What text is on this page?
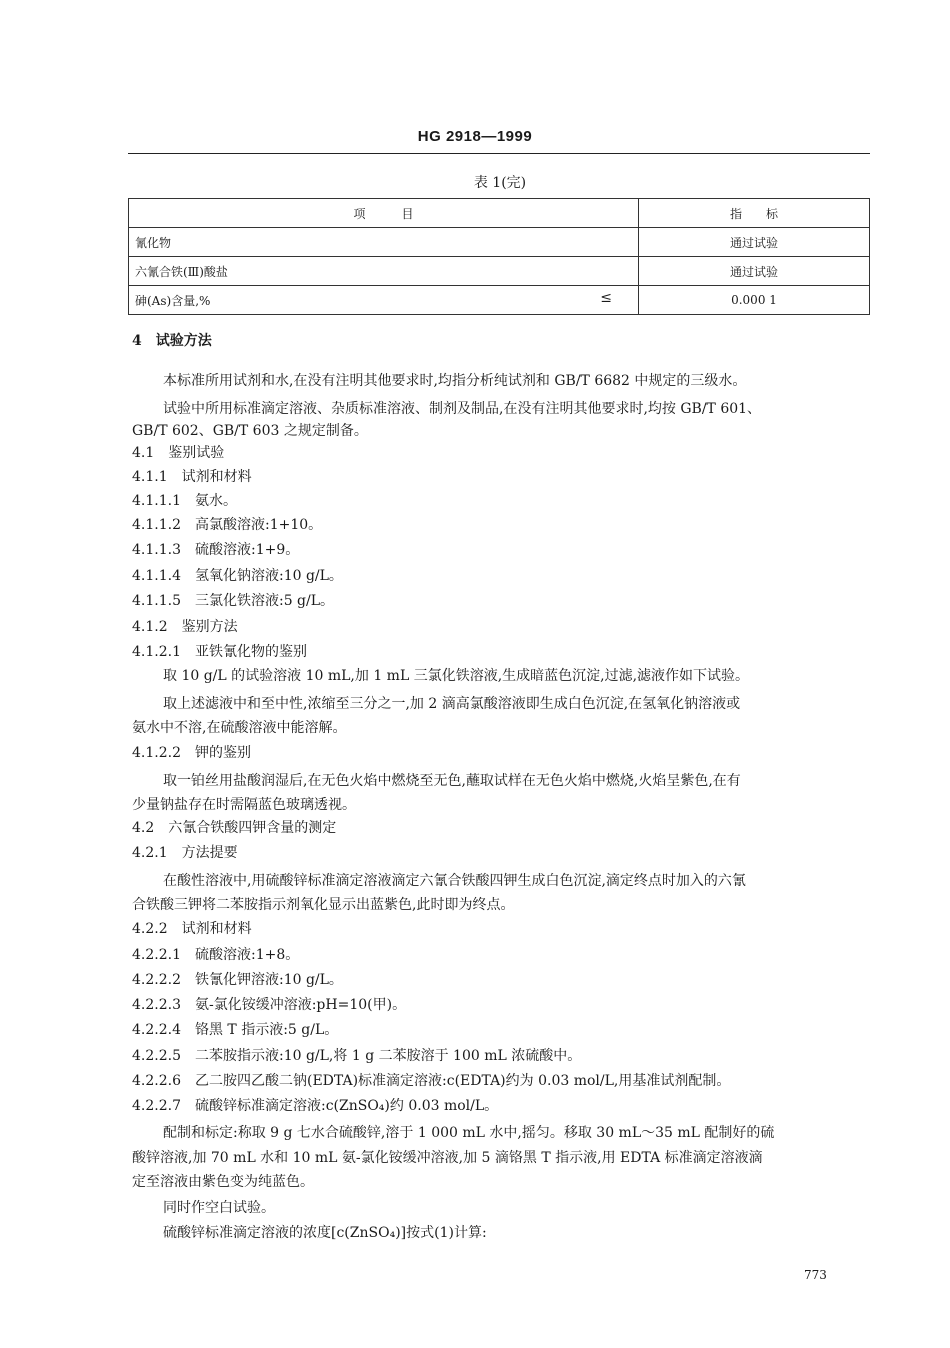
HG 2918—1999
表 1(完)
项　　　目	指　　标
氰化物	通过试验
六氰合铁(Ⅲ)酸盐	通过试验
砷(As)含量,% ≤	0.000 1
4　试验方法
本标准所用试剂和水,在没有注明其他要求时,均指分析纯试剂和 GB/T 6682 中规定的三级水。
试验中所用标准滴定溶液、杂质标准溶液、制剂及制品,在没有注明其他要求时,均按 GB/T 601、
GB/T 602、GB/T 603 之规定制备。
4.1　鉴别试验
4.1.1　试剂和材料
4.1.1.1　氨水。
4.1.1.2　高氯酸溶液:1+10。
4.1.1.3　硫酸溶液:1+9。
4.1.1.4　氢氧化钠溶液:10 g/L。
4.1.1.5　三氯化铁溶液:5 g/L。
4.1.2　鉴别方法
4.1.2.1　亚铁氰化物的鉴别
取 10 g/L 的试验溶液 10 mL,加 1 mL 三氯化铁溶液,生成暗蓝色沉淀,过滤,滤液作如下试验。
取上述滤液中和至中性,浓缩至三分之一,加 2 滴高氯酸溶液即生成白色沉淀,在氢氧化钠溶液或
氨水中不溶,在硫酸溶液中能溶解。
4.1.2.2　钾的鉴别
取一铂丝用盐酸润湿后,在无色火焰中燃烧至无色,蘸取试样在无色火焰中燃烧,火焰呈紫色,在有
少量钠盐存在时需隔蓝色玻璃透视。
4.2　六氰合铁酸四钾含量的测定
4.2.1　方法提要
在酸性溶液中,用硫酸锌标准滴定溶液滴定六氰合铁酸四钾生成白色沉淀,滴定终点时加入的六氰
合铁酸三钾将二苯胺指示剂氧化显示出蓝紫色,此时即为终点。
4.2.2　试剂和材料
4.2.2.1　硫酸溶液:1+8。
4.2.2.2　铁氰化钾溶液:10 g/L。
4.2.2.3　氨-氯化铵缓冲溶液:pH=10(甲)。
4.2.2.4　铬黑 T 指示液:5 g/L。
4.2.2.5　二苯胺指示液:10 g/L,将 1 g 二苯胺溶于 100 mL 浓硫酸中。
4.2.2.6　乙二胺四乙酸二钠(EDTA)标准滴定溶液:c(EDTA)约为 0.03 mol/L,用基准试剂配制。
4.2.2.7　硫酸锌标准滴定溶液:c(ZnSO₄)约 0.03 mol/L。
配制和标定:称取 9 g 七水合硫酸锌,溶于 1 000 mL 水中,摇匀。移取 30 mL～35 mL 配制好的硫
酸锌溶液,加 70 mL 水和 10 mL 氨-氯化铵缓冲溶液,加 5 滴铬黑 T 指示液,用 EDTA 标准滴定溶液滴
定至溶液由紫色变为纯蓝色。
同时作空白试验。
硫酸锌标准滴定溶液的浓度[c(ZnSO₄)]按式(1)计算:
773
